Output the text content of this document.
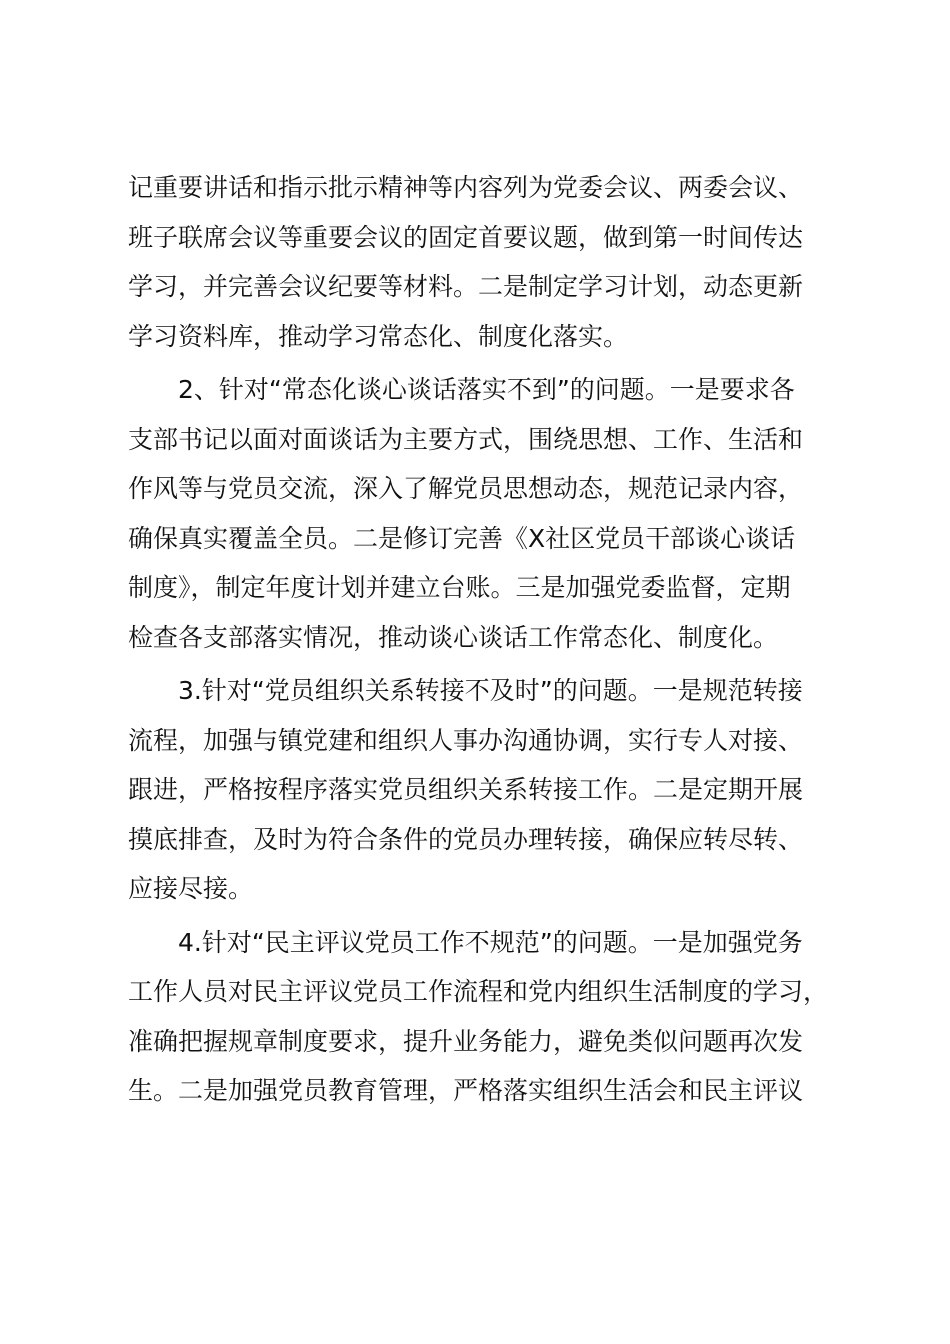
记重要讲话和指示批示精神等内容列为党委会议、两委会议、
班子联席会议等重要会议的固定首要议题，做到第一时间传达
学习，并完善会议纪要等材料。二是制定学习计划，动态更新
学习资料库，推动学习常态化、制度化落实。

2、针对“常态化谈心谈话落实不到”的问题。一是要求各
支部书记以面对面谈话为主要方式，围绕思想、工作、生活和
作风等与党员交流，深入了解党员思想动态，规范记录内容，
确保真实覆盖全员。二是修订完善《X社区党员干部谈心谈话
制度》，制定年度计划并建立台账。三是加强党委监督，定期
检查各支部落实情况，推动谈心谈话工作常态化、制度化。

3.针对“党员组织关系转接不及时”的问题。一是规范转接
流程，加强与镇党建和组织人事办沟通协调，实行专人对接、
跟进，严格按程序落实党员组织关系转接工作。二是定期开展
摸底排查，及时为符合条件的党员办理转接，确保应转尽转、
应接尽接。

4.针对“民主评议党员工作不规范”的问题。一是加强党务
工作人员对民主评议党员工作流程和党内组织生活制度的学习，
准确把握规章制度要求，提升业务能力，避免类似问题再次发
生。二是加强党员教育管理，严格落实组织生活会和民主评议
